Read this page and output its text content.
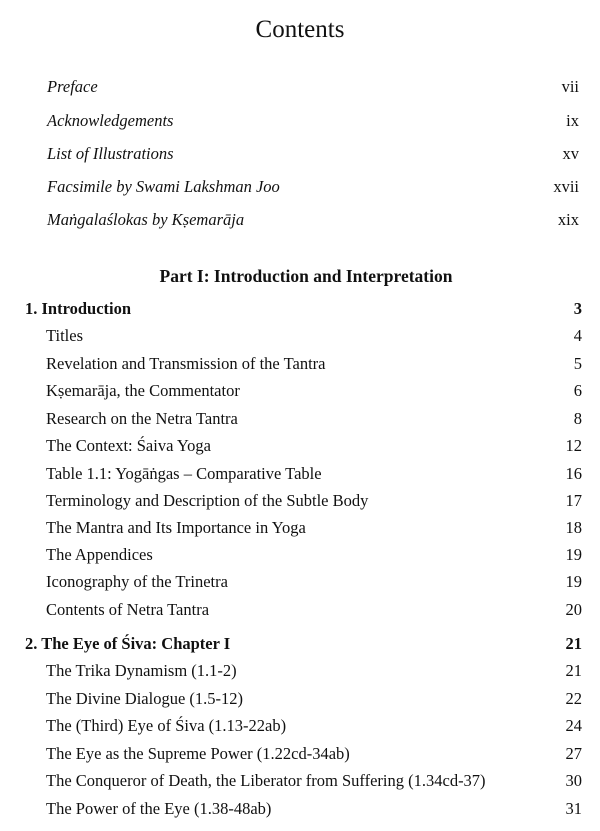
Contents
Preface	vii
Acknowledgements	ix
List of Illustrations	xv
Facsimile by Swami Lakshman Joo	xvii
Maṅgalaślokas by Kṣemarāja	xix
Part I: Introduction and Interpretation
1. Introduction	3
Titles	4
Revelation and Transmission of the Tantra	5
Kṣemarāja, the Commentator	6
Research on the Netra Tantra	8
The Context: Śaiva Yoga	12
Table 1.1: Yogāṅgas – Comparative Table	16
Terminology and Description of the Subtle Body	17
The Mantra and Its Importance in Yoga	18
The Appendices	19
Iconography of the Trinetra	19
Contents of Netra Tantra	20
2. The Eye of Śiva: Chapter I	21
The Trika Dynamism (1.1-2)	21
The Divine Dialogue (1.5-12)	22
The (Third) Eye of Śiva (1.13-22ab)	24
The Eye as the Supreme Power (1.22cd-34ab)	27
The Conqueror of Death, the Liberator from Suffering (1.34cd-37)	30
The Power of the Eye (1.38-48ab)	31
